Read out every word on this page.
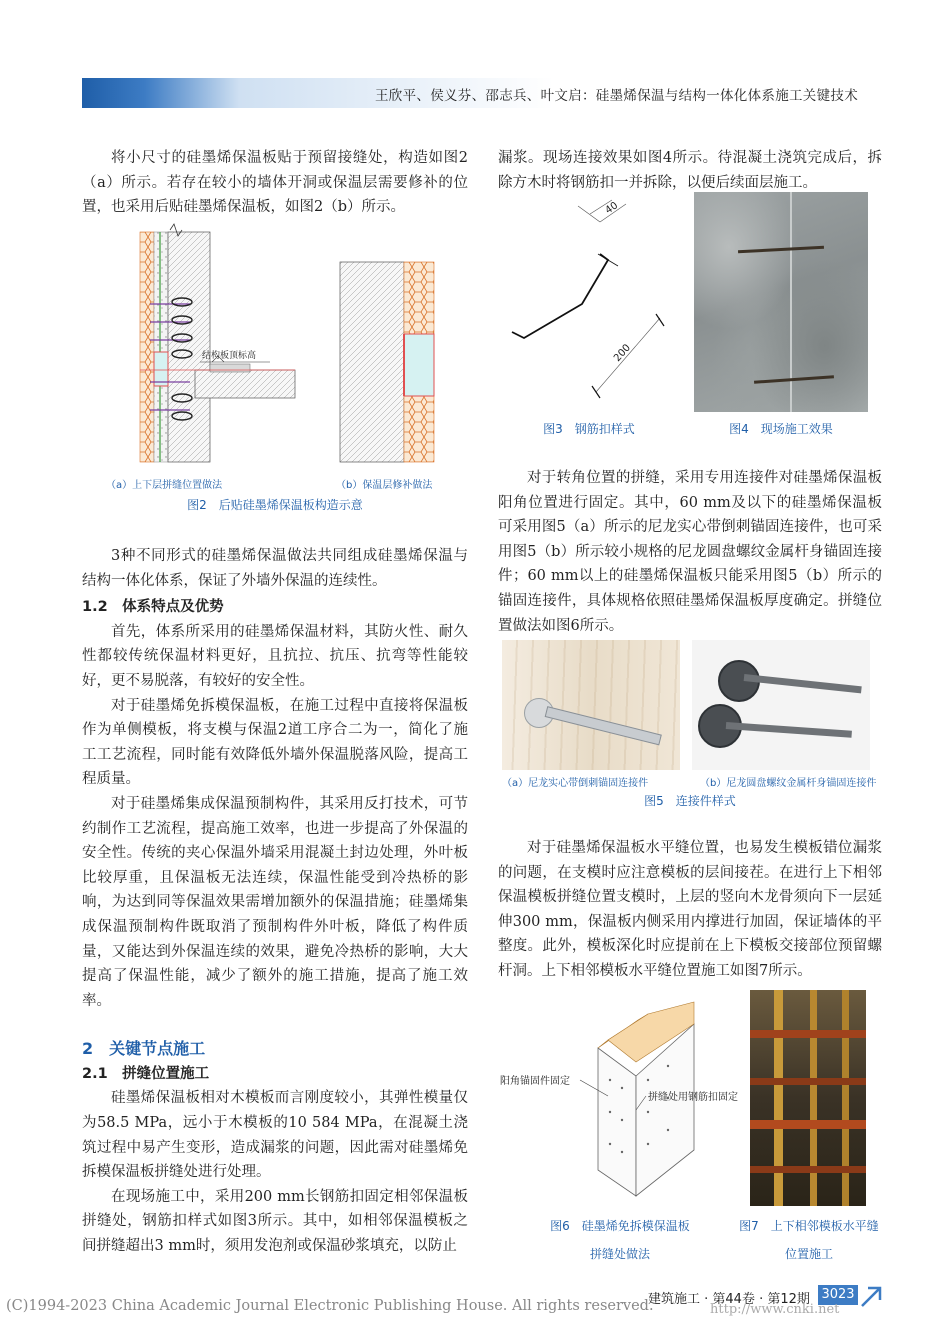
王欣平、侯义芬、邵志兵、叶文启：硅墨烯保温与结构一体化体系施工关键技术

将小尺寸的硅墨烯保温板贴于预留接缝处，构造如图2（a）所示。若存在较小的墙体开洞或保温层需要修补的位置，也采用后贴硅墨烯保温板，如图2（b）所示。

结构板顶标高
（a）上下层拼缝位置做法	（b）保温层修补做法
图2　后贴硅墨烯保温板构造示意

3种不同形式的硅墨烯保温做法共同组成硅墨烯保温与结构一体化体系，保证了外墙外保温的连续性。

1.2　体系特点及优势

首先，体系所采用的硅墨烯保温材料，其防火性、耐久性都较传统保温材料更好，且抗拉、抗压、抗弯等性能较好，更不易脱落，有较好的安全性。

对于硅墨烯免拆模保温板，在施工过程中直接将保温板作为单侧模板，将支模与保温2道工序合二为一，简化了施工工艺流程，同时能有效降低外墙外保温脱落风险，提高工程质量。

对于硅墨烯集成保温预制构件，其采用反打技术，可节约制作工艺流程，提高施工效率，也进一步提高了外保温的安全性。传统的夹心保温外墙采用混凝土封边处理，外叶板比较厚重，且保温板无法连续，保温性能受到冷热桥的影响，为达到同等保温效果需增加额外的保温措施；硅墨烯集成保温预制构件既取消了预制构件外叶板，降低了构件质量，又能达到外保温连续的效果，避免冷热桥的影响，大大提高了保温性能，减少了额外的施工措施，提高了施工效率。

2　关键节点施工

2.1　拼缝位置施工

硅墨烯保温板相对木模板而言刚度较小，其弹性模量仅为58.5 MPa，远小于木模板的10 584 MPa，在混凝土浇筑过程中易产生变形，造成漏浆的问题，因此需对硅墨烯免拆模保温板拼缝处进行处理。

在现场施工中，采用200 mm长钢筋扣固定相邻保温板拼缝处，钢筋扣样式如图3所示。其中，如相邻保温模板之间拼缝超出3 mm时，须用发泡剂或保温砂浆填充，以防止

漏浆。现场连接效果如图4所示。待混凝土浇筑完成后，拆除方木时将钢筋扣一并拆除，以便后续面层施工。

40
200
图3　钢筋扣样式	图4　现场施工效果

对于转角位置的拼缝，采用专用连接件对硅墨烯保温板阳角位置进行固定。其中，60 mm及以下的硅墨烯保温板可采用图5（a）所示的尼龙实心带倒刺锚固连接件，也可采用图5（b）所示较小规格的尼龙圆盘螺纹金属杆身锚固连接件；60 mm以上的硅墨烯保温板只能采用图5（b）所示的锚固连接件，具体规格依照硅墨烯保温板厚度确定。拼缝位置做法如图6所示。

（a）尼龙实心带倒刺锚固连接件	（b）尼龙圆盘螺纹金属杆身锚固连接件
图5　连接件样式

对于硅墨烯保温板水平缝位置，也易发生模板错位漏浆的问题，在支模时应注意模板的层间接茬。在进行上下相邻保温模板拼缝位置支模时，上层的竖向木龙骨须向下一层延伸300 mm，保温板内侧采用内撑进行加固，保证墙体的平整度。此外，模板深化时应提前在上下模板交接部位预留螺杆洞。上下相邻模板水平缝位置施工如图7所示。

阳角锚固件固定
拼缝处用钢筋扣固定
图6　硅墨烯免拆模保温板
拼缝处做法
图7　上下相邻模板水平缝
位置施工
建筑施工 · 第44卷 · 第12期 3023
(C)1994-2023 China Academic Journal Electronic Publishing House. All rights reserved.	http://www.cnki.net
